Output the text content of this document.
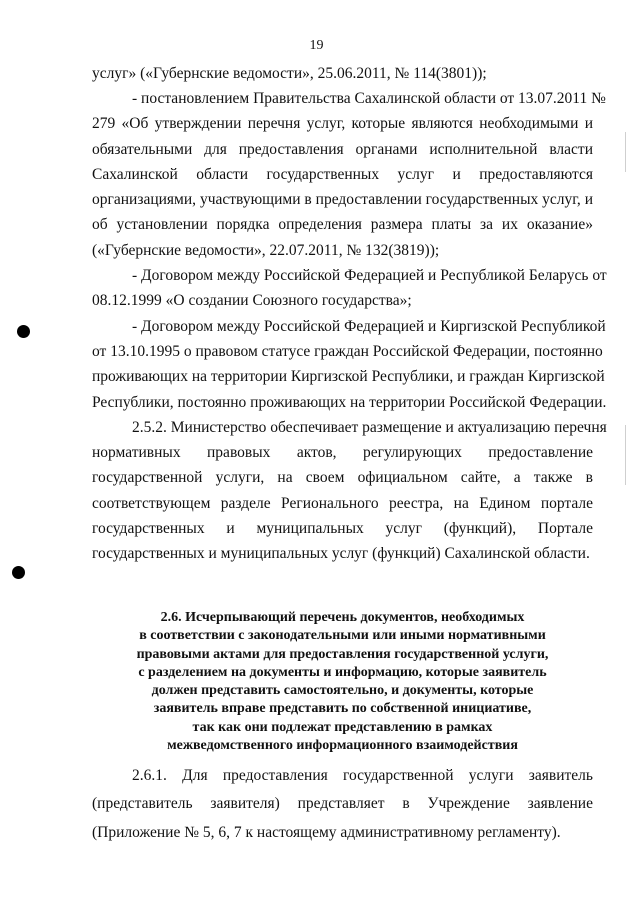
19
услуг» («Губернские ведомости», 25.06.2011, № 114(3801));
- постановлением Правительства Сахалинской области от 13.07.2011 №
279 «Об утверждении перечня услуг, которые являются необходимыми и
обязательными для предоставления органами исполнительной власти
Сахалинской области государственных услуг и предоставляются
организациями, участвующими в предоставлении государственных услуг, и
об установлении порядка определения размера платы за их оказание»
(«Губернские ведомости», 22.07.2011, № 132(3819));
- Договором между Российской Федерацией и Республикой Беларусь от
08.12.1999 «О создании Союзного государства»;
- Договором между Российской Федерацией и Киргизской Республикой
от 13.10.1995 о правовом статусе граждан Российской Федерации, постоянно
проживающих на территории Киргизской Республики, и граждан Киргизской
Республики, постоянно проживающих на территории Российской Федерации.
2.5.2. Министерство обеспечивает размещение и актуализацию перечня
нормативных правовых актов, регулирующих предоставление
государственной услуги, на своем официальном сайте, а также в
соответствующем разделе Регионального реестра, на Едином портале
государственных и муниципальных услуг (функций), Портале
государственных и муниципальных услуг (функций) Сахалинской области.
2.6. Исчерпывающий перечень документов, необходимых
в соответствии с законодательными или иными нормативными
правовыми актами для предоставления государственной услуги,
с разделением на документы и информацию, которые заявитель
должен представить самостоятельно, и документы, которые
заявитель вправе представить по собственной инициативе,
так как они подлежат представлению в рамках
межведомственного информационного взаимодействия
2.6.1. Для предоставления государственной услуги заявитель
(представитель заявителя) представляет в Учреждение заявление
(Приложение № 5, 6, 7 к настоящему административному регламенту).
